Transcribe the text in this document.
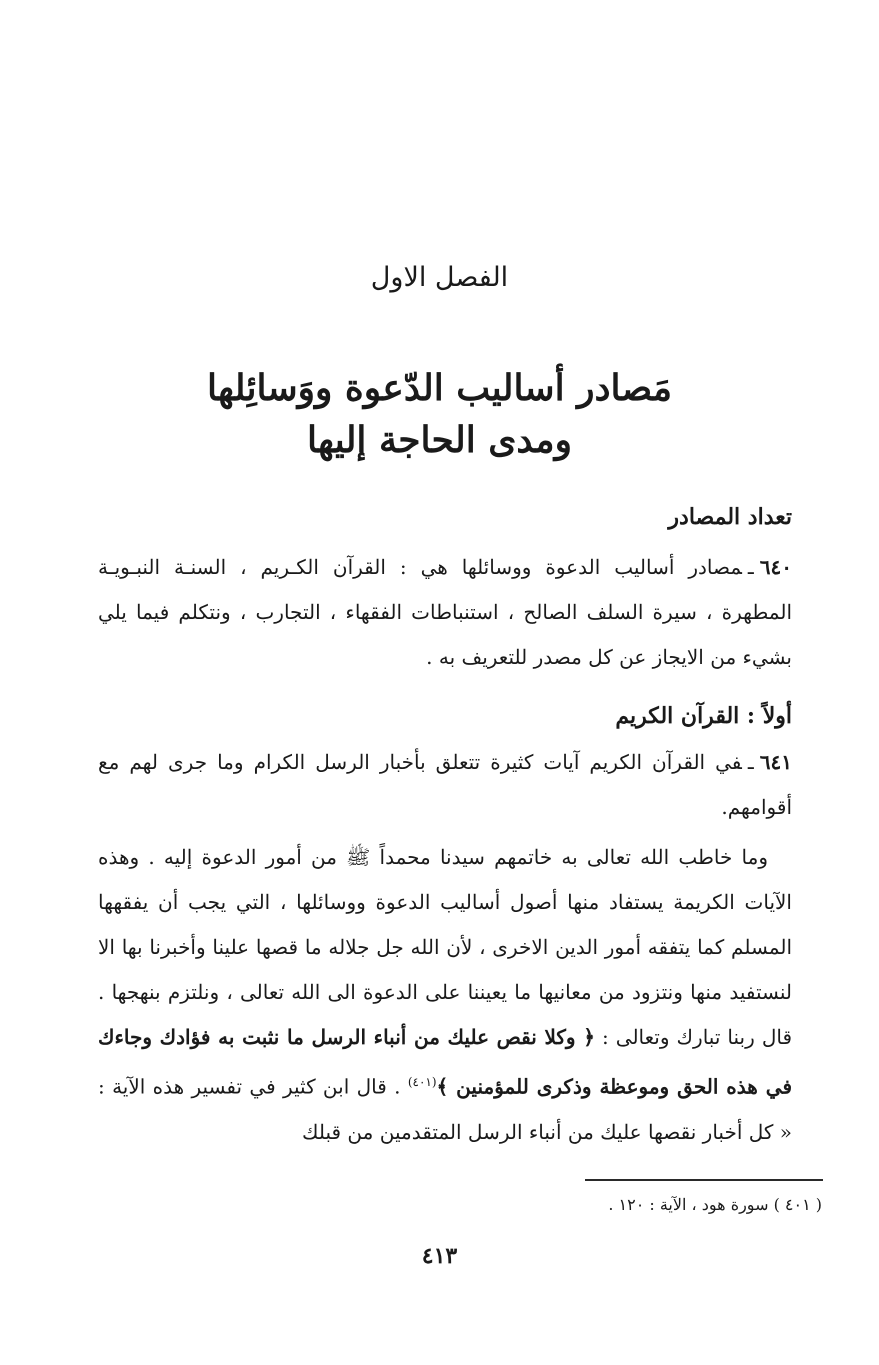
الفصل الاول
مَصادر أساليب الدّعوة ووَسائِلها
ومدى الحاجة إليها
تعداد المصادر
٦٤٠ـمصادر أساليب الدعوة ووسائلها هي : القرآن الكـريم ، السنـة النبـويـة المطهرة ، سيرة السلف الصالح ، استنباطات الفقهاء ، التجارب ، ونتكلم فيما يلي بشيء من الايجاز عن كل مصدر للتعريف به .
أولاً : القرآن الكريم
٦٤١ـفي القرآن الكريم آيات كثيرة تتعلق بأخبار الرسل الكرام وما جرى لهم مع أقوامهم.
وما خاطب الله تعالى به خاتمهم سيدنا محمداً ﷺ من أمور الدعوة إليه . وهذه الآيات الكريمة يستفاد منها أصول أساليب الدعوة ووسائلها ، التي يجب أن يفقهها المسلم كما يتفقه أمور الدين الاخرى ، لأن الله جل جلاله ما قصها علينا وأخبرنا بها الا لنستفيد منها ونتزود من معانيها ما يعيننا على الدعوة الى الله تعالى ، ونلتزم بنهجها . قال ربنا تبارك وتعالى : ﴿ وكلا نقص عليك من أنباء الرسل ما نثبت به فؤادك وجاءك في هذه الحق وموعظة وذكرى للمؤمنين ﴾$^{(٤٠١)}$ . قال ابن كثير في تفسير هذه الآية : « كل أخبار نقصها عليك من أنباء الرسل المتقدمين من قبلك
( ٤٠١ ) سورة هود ، الآية : ١٢٠ .
٤١٣
